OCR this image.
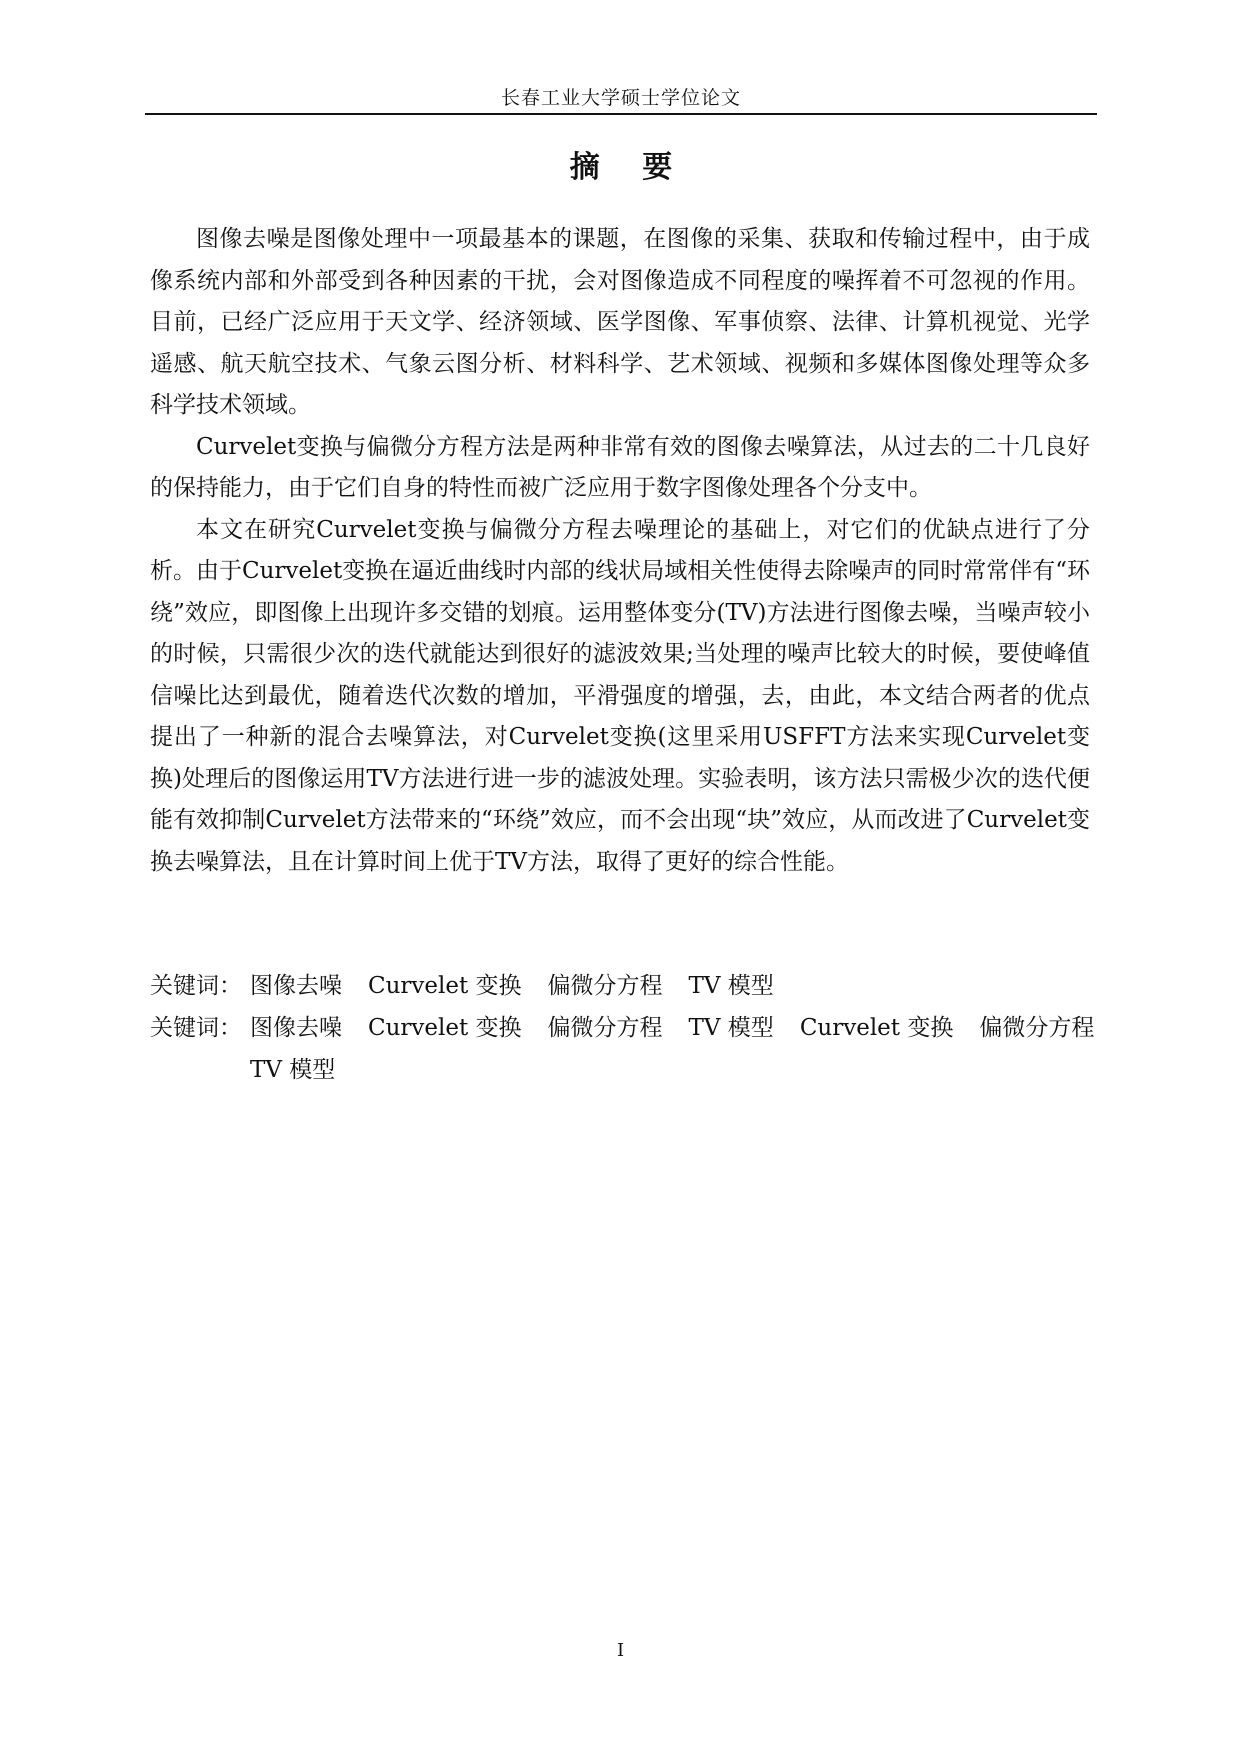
长春工业大学硕士学位论文
摘 要

图像去噪是图像处理中一项最基本的课题，在图像的采集、获取和传输过程中，由于成像系统内部和外部受到各种因素的干扰，会对图像造成不同程度的噪挥着不可忽视的作用。目前，已经广泛应用于天文学、经济领域、医学图像、军事侦察、法律、计算机视觉、光学遥感、航天航空技术、气象云图分析、材料科学、艺术领域、视频和多媒体图像处理等众多科学技术领域。

Curvelet变换与偏微分方程方法是两种非常有效的图像去噪算法，从过去的二十几良好的保持能力，由于它们自身的特性而被广泛应用于数字图像处理各个分支中。

本文在研究Curvelet变换与偏微分方程去噪理论的基础上，对它们的优缺点进行了分析。由于Curvelet变换在逼近曲线时内部的线状局域相关性使得去除噪声的同时常常伴有“环绕”效应，即图像上出现许多交错的划痕。运用整体变分(TV)方法进行图像去噪，当噪声较小的时候，只需很少次的迭代就能达到很好的滤波效果;当处理的噪声比较大的时候，要使峰值信噪比达到最优，随着迭代次数的增加，平滑强度的增强，去，由此，本文结合两者的优点提出了一种新的混合去噪算法，对Curvelet变换(这里采用USFFT方法来实现Curvelet变换)处理后的图像运用TV方法进行进一步的滤波处理。实验表明，该方法只需极少次的迭代便能有效抑制Curvelet方法带来的“环绕”效应，而不会出现“块”效应，从而改进了Curvelet变换去噪算法，且在计算时间上优于TV方法，取得了更好的综合性能。

关键词： 图像去噪 Curvelet 变换 偏微分方程 TV 模型
关键词： 图像去噪 Curvelet 变换 偏微分方程 TV 模型 Curvelet 变换 偏微分方程
TV 模型
I
